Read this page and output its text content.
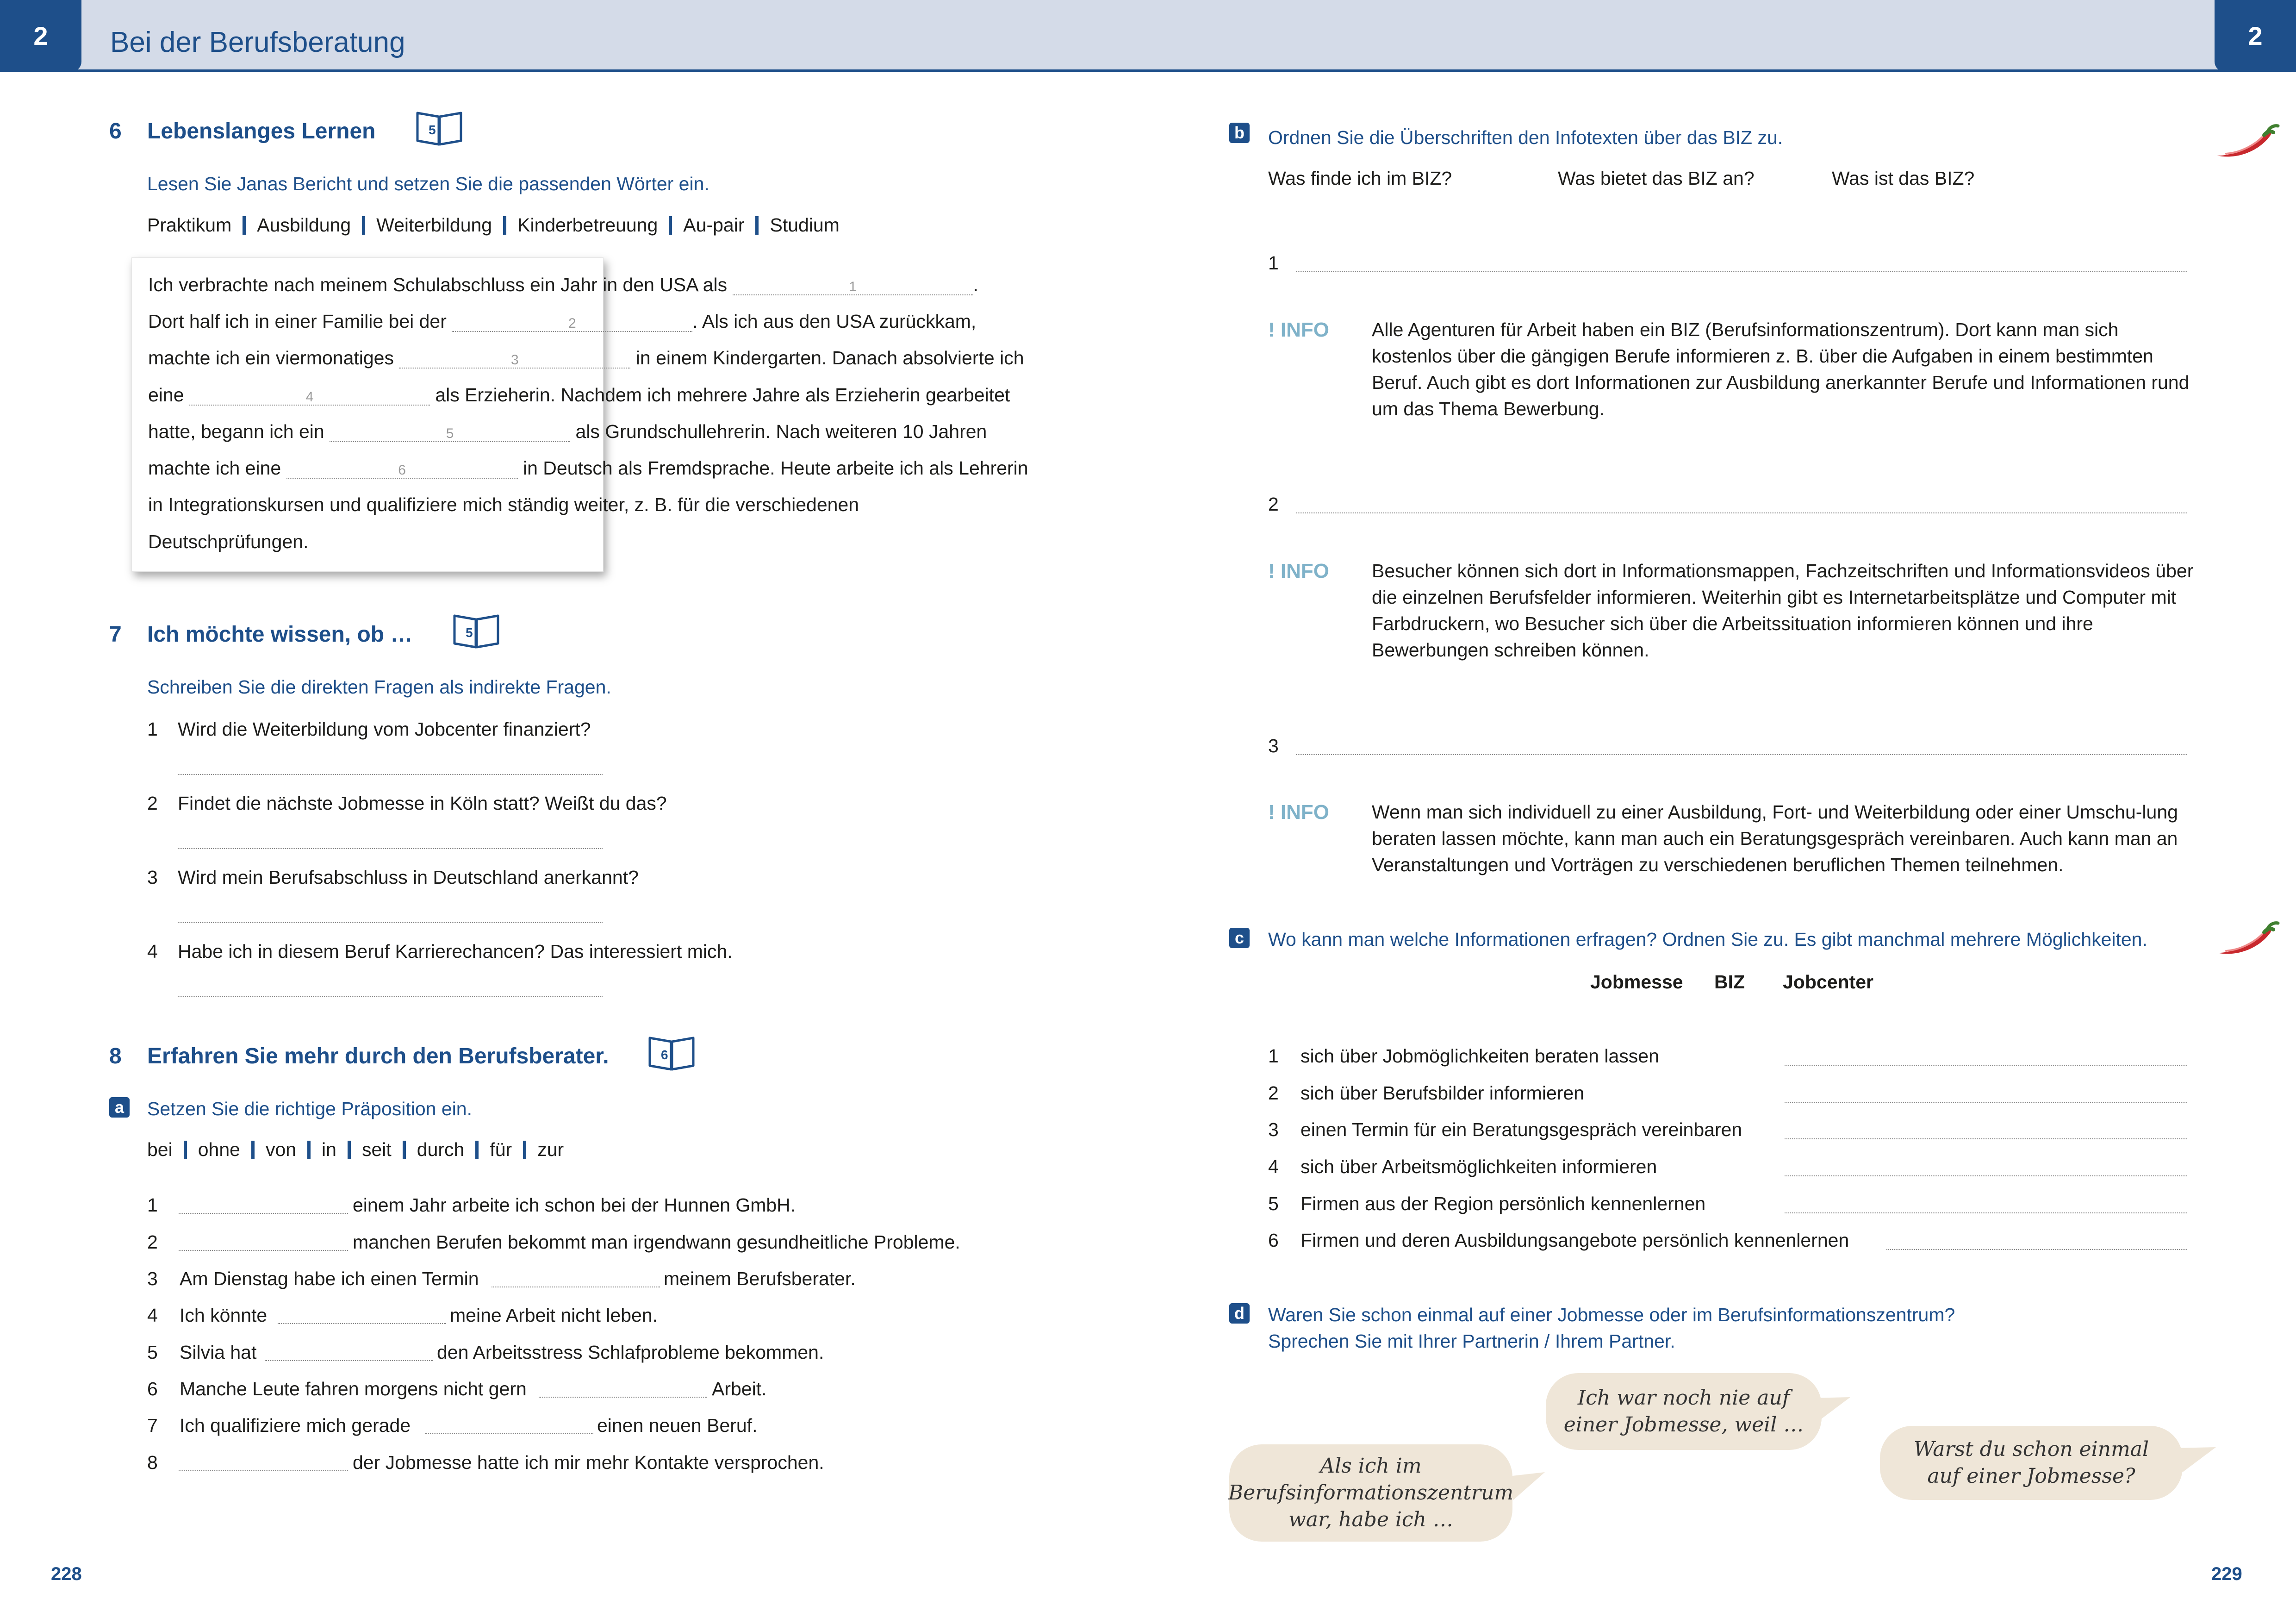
2	2
Bei der Berufsberatung
6 Lebenslanges Lernen	5
Lesen Sie Janas Bericht und setzen Sie die passenden Wörter ein.
Praktikum Ausbildung Weiterbildung Kinderbetreuung Au-pair Studium
Ich verbrachte nach meinem Schulabschluss ein Jahr in den USA als
	1	.
Dort half ich in einer Familie bei der
	2	. Als ich aus den USA zurückkam,
machte ich ein viermonatiges
	3
	in einem Kindergarten. Danach absolvierte ich
eine
	4
	als Erzieherin. Nachdem ich mehrere Jahre als Erzieherin gearbeitet
hatte, begann ich ein
	5
	als Grundschullehrerin. Nach weiteren 10 Jahren
machte ich eine
	6
	in Deutsch als Fremdsprache. Heute arbeite ich als Lehrerin
in Integrationskursen und qualifiziere mich ständig weiter, z. B. für die verschiedenen
Deutschprüfungen.
7 Ich möchte wissen, ob …	5
Schreiben Sie die direkten Fragen als indirekte Fragen.
1 Wird die Weiterbildung vom Jobcenter finanziert?
2 Findet die nächste Jobmesse in Köln statt? Weißt du das?
3 Wird mein Berufsabschluss in Deutschland anerkannt?
4 Habe ich in diesem Beruf Karrierechancen? Das interessiert mich.
8 Erfahren Sie mehr durch den Berufsberater.	6
a Setzen Sie die richtige Präposition ein.
bei ohne von in seit durch für zur
1	einem Jahr arbeite ich schon bei der Hunnen GmbH.
2	manchen Berufen bekommt man irgendwann gesundheitliche Probleme.
3 Am Dienstag habe ich einen Termin	meinem Berufsberater.
4 Ich könnte	meine Arbeit nicht leben.
5 Silvia hat	den Arbeitsstress Schlafprobleme bekommen.
6 Manche Leute fahren morgens nicht gern	Arbeit.
7 Ich qualifiziere mich gerade	einen neuen Beruf.
8	der Jobmesse hatte ich mir mehr Kontakte versprochen.
228
b Ordnen Sie die Überschriften den Infotexten über das BIZ zu.
Was finde ich im BIZ?	Was bietet das BIZ an?	Was ist das BIZ?
1
! INFO Alle Agenturen für Arbeit haben ein BIZ (Berufsinformationszentrum). Dort kann man sich kostenlos über die gängigen Berufe informieren z. B. über die Aufgaben in einem bestimmten Beruf. Auch gibt es dort Informationen zur Ausbildung anerkannter Berufe und Informationen rund um das Thema Bewerbung.
2
! INFO Besucher können sich dort in Informationsmappen, Fachzeitschriften und Informationsvideos über die einzelnen Berufsfelder informieren. Weiterhin gibt es Internetarbeitsplätze und Computer mit Farbdruckern, wo Besucher sich über die Arbeitssituation informieren können und ihre Bewerbungen schreiben können.
3
! INFO Wenn man sich individuell zu einer Ausbildung, Fort- und Weiterbildung oder einer Umschu-lung beraten lassen möchte, kann man auch ein Beratungsgespräch vereinbaren. Auch kann man an Veranstaltungen und Vorträgen zu verschiedenen beruflichen Themen teilnehmen.
c Wo kann man welche Informationen erfragen? Ordnen Sie zu. Es gibt manchmal mehrere Möglichkeiten.
Jobmesse BIZ Jobcenter
1 sich über Jobmöglichkeiten beraten lassen
2 sich über Berufsbilder informieren
3 einen Termin für ein Beratungsgespräch vereinbaren
4 sich über Arbeitsmöglichkeiten informieren
5 Firmen aus der Region persönlich kennenlernen
6 Firmen und deren Ausbildungsangebote persönlich kennenlernen
d Waren Sie schon einmal auf einer Jobmesse oder im Berufsinformationszentrum?
Sprechen Sie mit Ihrer Partnerin / Ihrem Partner.
Als ich im
Berufsinformationszentrum
war, habe ich …
Ich war noch nie auf
einer Jobmesse, weil …
Warst du schon einmal
auf einer Jobmesse?
229
